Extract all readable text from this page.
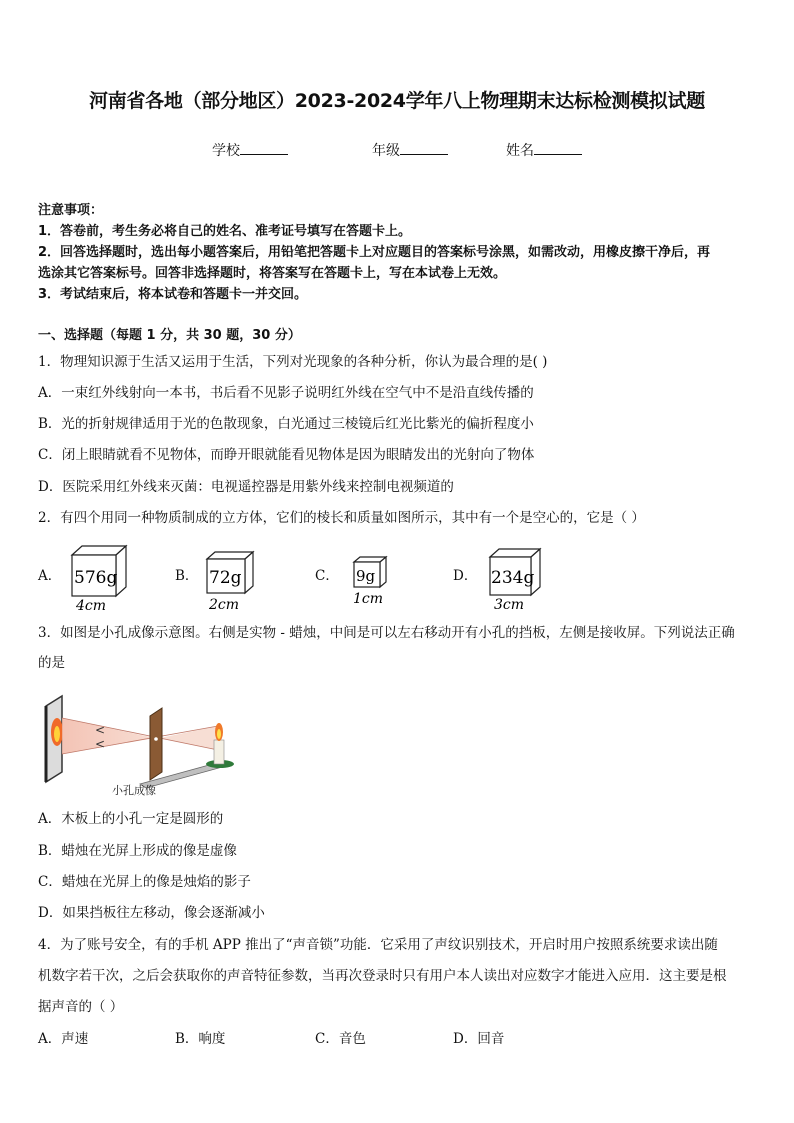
河南省各地（部分地区）2023-2024学年八上物理期末达标检测模拟试题
学校	年级	姓名
注意事项：
1．答卷前，考生务必将自己的姓名、准考证号填写在答题卡上。
2．回答选择题时，选出每小题答案后，用铅笔把答题卡上对应题目的答案标号涂黑，如需改动，用橡皮擦干净后，再
选涂其它答案标号。回答非选择题时，将答案写在答题卡上，写在本试卷上无效。
3．考试结束后，将本试卷和答题卡一并交回。
一、选择题（每题 1 分，共 30 题，30 分）
1．物理知识源于生活又运用于生活，下列对光现象的各种分析，你认为最合理的是( )
A．一束红外线射向一本书，书后看不见影子说明红外线在空气中不是沿直线传播的
B．光的折射规律适用于光的色散现象，白光通过三棱镜后红光比紫光的偏折程度小
C．闭上眼睛就看不见物体，而睁开眼就能看见物体是因为眼睛发出的光射向了物体
D．医院采用红外线来灭菌：电视遥控器是用紫外线来控制电视频道的
2．有四个用同一种物质制成的立方体，它们的棱长和质量如图所示，其中有一个是空心的，它是（ ）
A． 576g
4cm
B． 72g
2cm
C． 9g
1cm
D． 234g
3cm
3．如图是小孔成像示意图。右侧是实物 - 蜡烛，中间是可以左右移动开有小孔的挡板，左侧是接收屏。下列说法正确
的是
<
<
小孔成像
A．木板上的小孔一定是圆形的
B．蜡烛在光屏上形成的像是虚像
C．蜡烛在光屏上的像是烛焰的影子
D．如果挡板往左移动，像会逐渐减小
4．为了账号安全，有的手机 APP 推出了“声音锁”功能．它采用了声纹识别技术，开启时用户按照系统要求读出随
机数字若干次，之后会获取你的声音特征参数，当再次登录时只有用户本人读出对应数字才能进入应用．这主要是根
据声音的（ ）
A．声速	B．响度	C．音色	D．回音
